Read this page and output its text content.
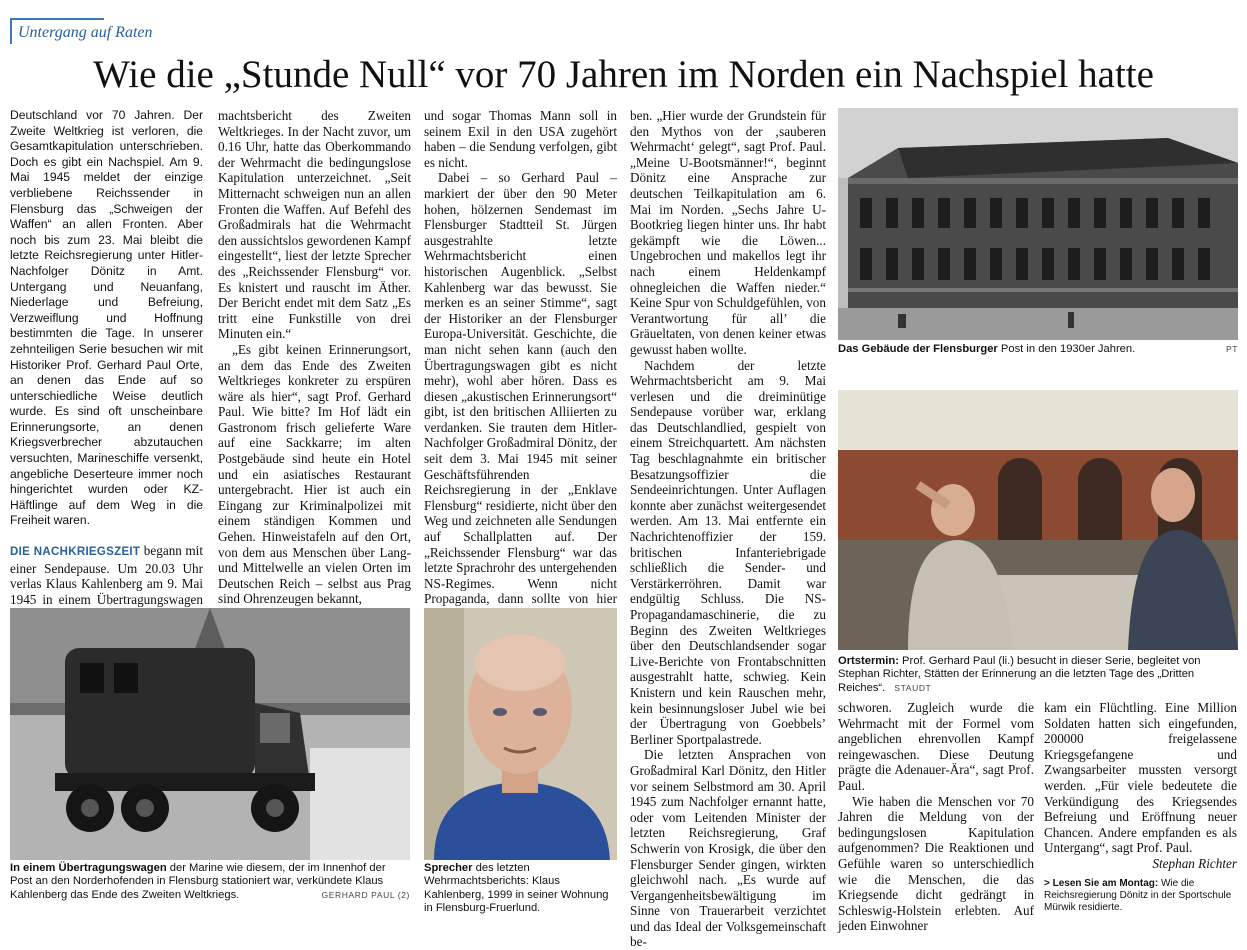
Untergang auf Raten
Wie die „Stunde Null“ vor 70 Jahren im Norden ein Nachspiel hatte

Deutschland vor 70 Jahren. Der Zweite Weltkrieg ist verloren, die Gesamtkapitulation unterschrieben. Doch es gibt ein Nachspiel. Am 9. Mai 1945 meldet der einzige verbliebene Reichssender in Flensburg das „Schweigen der Waffen“ an allen Fronten. Aber noch bis zum 23. Mai bleibt die letzte Reichsregierung unter Hitler-Nachfolger Dönitz in Amt. Untergang und Neuanfang, Niederlage und Befreiung, Verzweiflung und Hoffnung bestimmten die Tage. In unserer zehnteiligen Serie besuchen wir mit Historiker Prof. Gerhard Paul Orte, an denen das Ende auf so unterschiedliche Weise deutlich wurde. Es sind oft unscheinbare Erinnerungsorte, an denen Kriegsverbrecher abzutauchen versuchten, Marineschiffe versenkt, angebliche Deserteure immer noch hingerichtet wurden oder KZ-Häftlinge auf dem Weg in die Freiheit waren.

DIE NACHKRIEGSZEIT begann mit einer Sendepause. Um 20.03 Uhr verlas Klaus Kahlenberg am 9. Mai 1945 in einem Übertragungswagen

machtsbericht des Zweiten Weltkrieges. In der Nacht zuvor, um 0.16 Uhr, hatte das Oberkommando der Wehrmacht die bedingungslose Kapitulation unterzeichnet. „Seit Mitternacht schweigen nun an allen Fronten die Waffen. Auf Befehl des Großadmirals hat die Wehrmacht den aussichtslos gewordenen Kampf eingestellt“, liest der letzte Sprecher des „Reichssender Flensburg“ vor. Es knistert und rauscht im Äther. Der Bericht endet mit dem Satz „Es tritt eine Funkstille von drei Minuten ein.“

„Es gibt keinen Erinnerungsort, an dem das Ende des Zweiten Weltkrieges konkreter zu erspüren wäre als hier“, sagt Prof. Gerhard Paul. Wie bitte? Im Hof lädt ein Gastronom frisch gelieferte Ware auf eine Sackkarre; im alten Postgebäude sind heute ein Hotel und ein asiatisches Restaurant untergebracht. Hier ist auch ein Eingang zur Kriminalpolizei mit einem ständigen Kommen und Gehen. Hinweistafeln auf den Ort, von dem aus Menschen über Lang- und Mittelwelle an vielen Orten im Deutschen Reich – selbst aus Prag sind Ohrenzeugen bekannt,

und sogar Thomas Mann soll in seinem Exil in den USA zugehört haben – die Sendung verfolgen, gibt es nicht.

Dabei – so Gerhard Paul – markiert der über den 90 Meter hohen, hölzernen Sendemast im Flensburger Stadtteil St. Jürgen ausgestrahlte letzte Wehrmachtsbericht einen historischen Augenblick. „Selbst Kahlenberg war das bewusst. Sie merken es an seiner Stimme“, sagt der Historiker an der Flensburger Europa-Universität. Geschichte, die man nicht sehen kann (auch den Übertragungswagen gibt es nicht mehr), wohl aber hören. Dass es diesen „akustischen Erinnerungsort“ gibt, ist den britischen Alliierten zu verdanken. Sie trauten dem Hitler-Nachfolger Großadmiral Dönitz, der seit dem 3. Mai 1945 mit seiner Geschäftsführenden Reichsregierung in der „Enklave Flensburg“ residierte, nicht über den Weg und zeichneten alle Sendungen auf Schallplatten auf. Der „Reichssender Flensburg“ war das letzte Sprachrohr des untergehenden NS-Regimes. Wenn nicht Propaganda, dann sollte von hier

ben. „Hier wurde der Grundstein für den Mythos von der ‚sauberen Wehrmacht‘ gelegt“, sagt Prof. Paul. „Meine U-Bootsmänner!“, beginnt Dönitz eine Ansprache zur deutschen Teilkapitulation am 6. Mai im Norden. „Sechs Jahre U-Bootkrieg liegen hinter uns. Ihr habt gekämpft wie die Löwen... Ungebrochen und makellos legt ihr nach einem Heldenkampf ohnegleichen die Waffen nieder.“ Keine Spur von Schuldgefühlen, von Verantwortung für all’ die Gräueltaten, von denen keiner etwas gewusst haben wollte.

Nachdem der letzte Wehrmachtsbericht am 9. Mai verlesen und die dreiminütige Sendepause vorüber war, erklang das Deutschlandlied, gespielt von einem Streichquartett. Am nächsten Tag beschlagnahmte ein britischer Besatzungsoffizier die Sendeeinrichtungen. Unter Auflagen konnte aber zunächst weitergesendet werden. Am 13. Mai entfernte ein Nachrichtenoffizier der 159. britischen Infanteriebrigade schließlich die Sender- und Verstärkerröhren. Damit war endgültig Schluss. Die NS-Propagandamaschinerie, die zu Beginn des Zweiten Weltkrieges über den Deutschlandsender sogar Live-Berichte von Frontabschnitten ausgestrahlt hatte, schwieg. Kein Knistern und kein Rauschen mehr, kein besinnungsloser Jubel wie bei der Übertragung von Goebbels’ Berliner Sportpalastrede.

Die letzten Ansprachen von Großadmiral Karl Dönitz, den Hitler vor seinem Selbstmord am 30. April 1945 zum Nachfolger ernannt hatte, oder vom Leitenden Minister der letzten Reichsregierung, Graf Schwerin von Krosigk, die über den Flensburger Sender gingen, wirkten gleichwohl nach. „Es wurde auf Vergangenheitsbewältigung im Sinne von Trauerarbeit verzichtet und das Ideal der Volksgemeinschaft be-

schworen. Zugleich wurde die Wehrmacht mit der Formel vom angeblichen ehrenvollen Kampf reingewaschen. Diese Deutung prägte die Adenauer-Ära“, sagt Prof. Paul.

Wie haben die Menschen vor 70 Jahren die Meldung von der bedingungslosen Kapitulation aufgenommen? Die Reaktionen und Gefühle waren so unterschiedlich wie die Menschen, die das Kriegsende dicht gedrängt in Schleswig-Holstein erlebten. Auf jeden Einwohner

kam ein Flüchtling. Eine Million Soldaten hatten sich eingefunden, 200000 freigelassene Kriegsgefangene und Zwangsarbeiter mussten versorgt werden. „Für viele bedeutete die Verkündigung des Kriegsendes Befreiung und Eröffnung neuer Chancen. Andere empfanden es als Untergang“, sagt Prof. Paul.

Stephan Richter

> Lesen Sie am Montag: Wie die Reichsregierung Dönitz in der Sportschule Mürwik residierte.
PT
Das Gebäude der Flensburger Post in den 1930er Jahren.
Ortstermin: Prof. Gerhard Paul (li.) besucht in dieser Serie, begleitet von Stephan Richter, Stätten der Erinnerung an die letzten Tage des „Dritten Reiches“. STAUDT
In einem Übertragungswagen der Marine wie diesem, der im Innenhof der Post an den Norderhofenden in Flensburg stationiert war, verkündete Klaus Kahlenberg das Ende des Zweiten Weltkriegs.	GERHARD PAUL (2)
Sprecher des letzten Wehrmachtsberichts: Klaus Kahlenberg, 1999 in seiner Wohnung in Flensburg-Fruerlund.
